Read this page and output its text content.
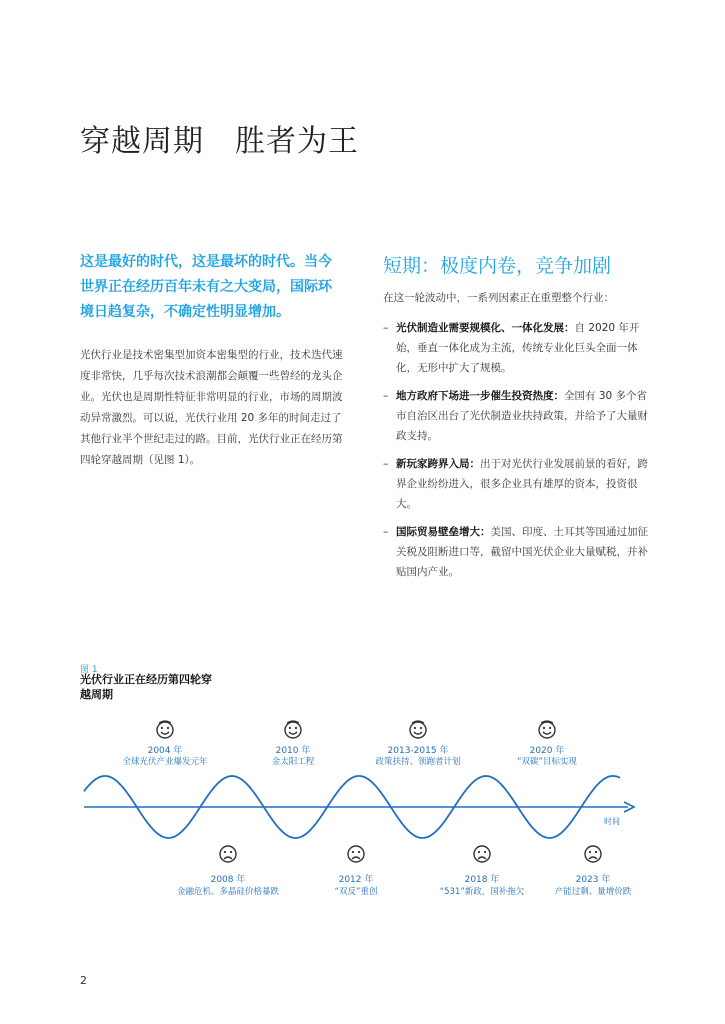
穿越周期　胜者为王

这是最好的时代，这是最坏的时代。当今世界正在经历百年未有之大变局，国际环境日趋复杂，不确定性明显增加。

光伏行业是技术密集型加资本密集型的行业，技术迭代速度非常快，几乎每次技术浪潮都会颠覆一些曾经的龙头企业。光伏也是周期性特征非常明显的行业，市场的周期波动异常激烈。可以说，光伏行业用 20 多年的时间走过了其他行业半个世纪走过的路。目前，光伏行业正在经历第四轮穿越周期（见图 1）。

短期：极度内卷，竞争加剧

在这一轮波动中，一系列因素正在重塑整个行业：

– 光伏制造业需要规模化、一体化发展：自 2020 年开始，垂直一体化成为主流，传统专业化巨头全面一体化，无形中扩大了规模。
– 地方政府下场进一步催生投资热度：全国有 30 多个省市自治区出台了光伏制造业扶持政策，并给予了大量财政支持。
– 新玩家跨界入局：出于对光伏行业发展前景的看好，跨界企业纷纷进入，很多企业具有雄厚的资本，投资很大。
– 国际贸易壁垒增大：美国、印度、土耳其等国通过加征关税及阻断进口等，截留中国光伏企业大量赋税，并补贴国内产业。

图 1

光伏行业正在经历第四轮穿越周期

时间
2004 年
全球光伏产业爆发元年
2010 年
金太阳工程
2013-2015 年
政策扶持、领跑者计划
2020 年
“双碳”目标实现
2008 年
金融危机、多晶硅价格暴跌
2012 年
“双反”重创
2018 年
“531”新政，国补拖欠
2023 年
产能过剩、量增价跌
2
